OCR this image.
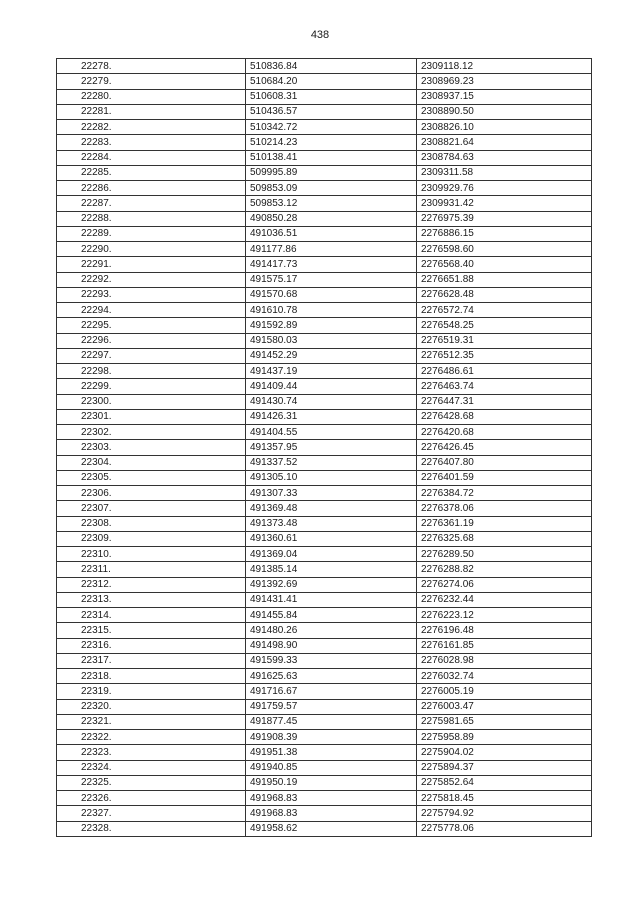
438
22278.	510836.84	2309118.12
22279.	510684.20	2308969.23
22280.	510608.31	2308937.15
22281.	510436.57	2308890.50
22282.	510342.72	2308826.10
22283.	510214.23	2308821.64
22284.	510138.41	2308784.63
22285.	509995.89	2309311.58
22286.	509853.09	2309929.76
22287.	509853.12	2309931.42
22288.	490850.28	2276975.39
22289.	491036.51	2276886.15
22290.	491177.86	2276598.60
22291.	491417.73	2276568.40
22292.	491575.17	2276651.88
22293.	491570.68	2276628.48
22294.	491610.78	2276572.74
22295.	491592.89	2276548.25
22296.	491580.03	2276519.31
22297.	491452.29	2276512.35
22298.	491437.19	2276486.61
22299.	491409.44	2276463.74
22300.	491430.74	2276447.31
22301.	491426.31	2276428.68
22302.	491404.55	2276420.68
22303.	491357.95	2276426.45
22304.	491337.52	2276407.80
22305.	491305.10	2276401.59
22306.	491307.33	2276384.72
22307.	491369.48	2276378.06
22308.	491373.48	2276361.19
22309.	491360.61	2276325.68
22310.	491369.04	2276289.50
22311.	491385.14	2276288.82
22312.	491392.69	2276274.06
22313.	491431.41	2276232.44
22314.	491455.84	2276223.12
22315.	491480.26	2276196.48
22316.	491498.90	2276161.85
22317.	491599.33	2276028.98
22318.	491625.63	2276032.74
22319.	491716.67	2276005.19
22320.	491759.57	2276003.47
22321.	491877.45	2275981.65
22322.	491908.39	2275958.89
22323.	491951.38	2275904.02
22324.	491940.85	2275894.37
22325.	491950.19	2275852.64
22326.	491968.83	2275818.45
22327.	491968.83	2275794.92
22328.	491958.62	2275778.06
